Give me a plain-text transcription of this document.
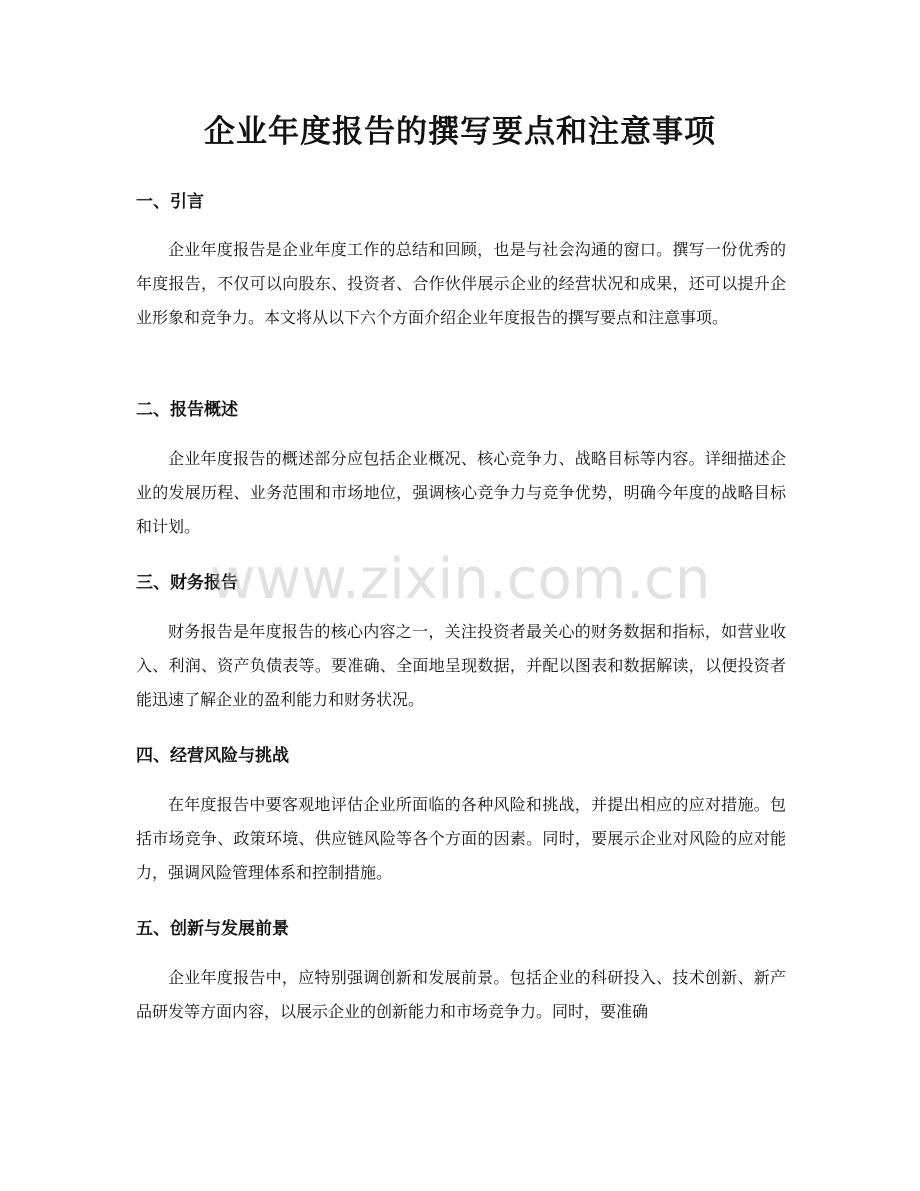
企业年度报告的撰写要点和注意事项
一、引言

企业年度报告是企业年度工作的总结和回顾，也是与社会沟通的窗口。撰写一份优秀的年度报告，不仅可以向股东、投资者、合作伙伴展示企业的经营状况和成果，还可以提升企业形象和竞争力。本文将从以下六个方面介绍企业年度报告的撰写要点和注意事项。

二、报告概述

企业年度报告的概述部分应包括企业概况、核心竞争力、战略目标等内容。详细描述企业的发展历程、业务范围和市场地位，强调核心竞争力与竞争优势，明确今年度的战略目标和计划。

三、财务报告

财务报告是年度报告的核心内容之一，关注投资者最关心的财务数据和指标，如营业收入、利润、资产负债表等。要准确、全面地呈现数据，并配以图表和数据解读，以便投资者能迅速了解企业的盈利能力和财务状况。

四、经营风险与挑战

在年度报告中要客观地评估企业所面临的各种风险和挑战，并提出相应的应对措施。包括市场竞争、政策环境、供应链风险等各个方面的因素。同时，要展示企业对风险的应对能力，强调风险管理体系和控制措施。

五、创新与发展前景

企业年度报告中，应特别强调创新和发展前景。包括企业的科研投入、技术创新、新产品研发等方面内容，以展示企业的创新能力和市场竞争力。同时，要准确

www.zixin.com.cn
